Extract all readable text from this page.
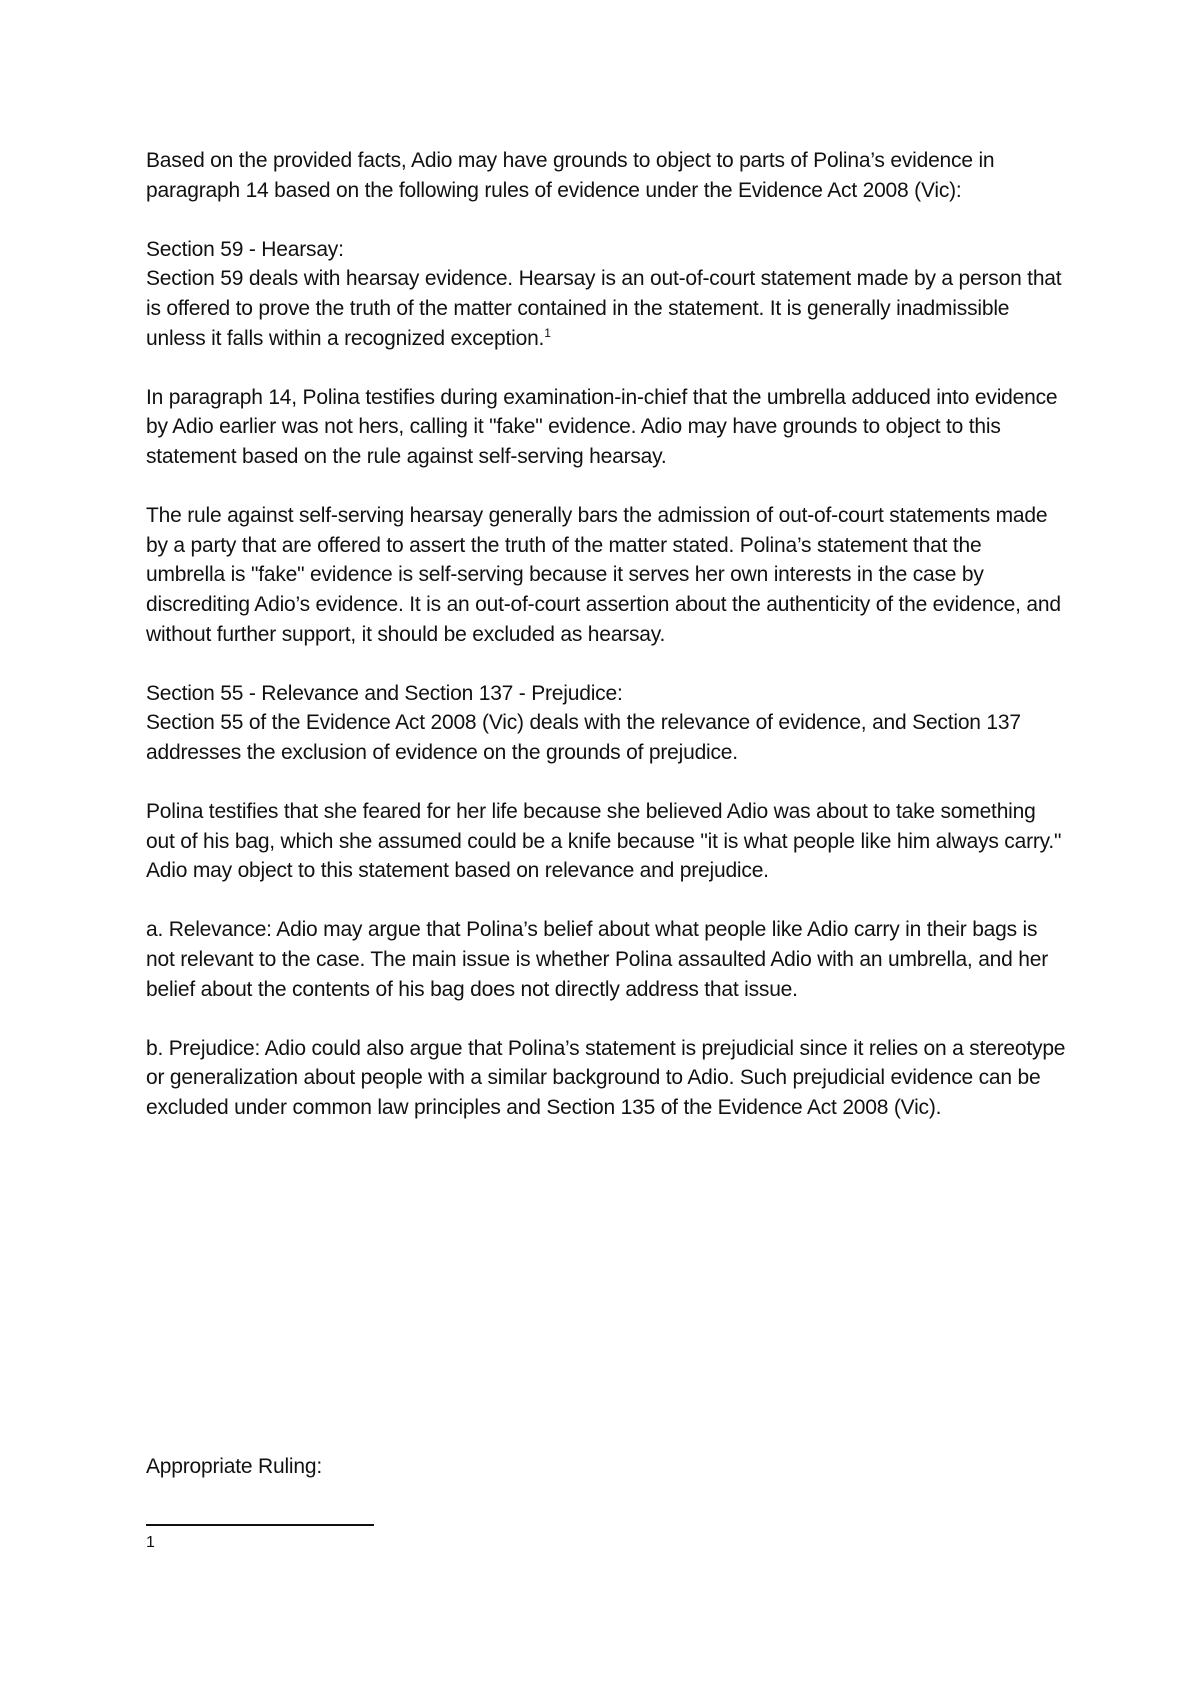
Based on the provided facts, Adio may have grounds to object to parts of Polina’s evidence in paragraph 14 based on the following rules of evidence under the Evidence Act 2008 (Vic):

Section 59 - Hearsay:

Section 59 deals with hearsay evidence. Hearsay is an out-of-court statement made by a person that is offered to prove the truth of the matter contained in the statement. It is generally inadmissible unless it falls within a recognized exception.$^1$

In paragraph 14, Polina testifies during examination-in-chief that the umbrella adduced into evidence by Adio earlier was not hers, calling it "fake" evidence. Adio may have grounds to object to this statement based on the rule against self-serving hearsay.

The rule against self-serving hearsay generally bars the admission of out-of-court statements made by a party that are offered to assert the truth of the matter stated. Polina’s statement that the umbrella is "fake" evidence is self-serving because it serves her own interests in the case by discrediting Adio’s evidence. It is an out-of-court assertion about the authenticity of the evidence, and without further support, it should be excluded as hearsay.

Section 55 - Relevance and Section 137 - Prejudice:

Section 55 of the Evidence Act 2008 (Vic) deals with the relevance of evidence, and Section 137 addresses the exclusion of evidence on the grounds of prejudice.

Polina testifies that she feared for her life because she believed Adio was about to take something out of his bag, which she assumed could be a knife because "it is what people like him always carry." Adio may object to this statement based on relevance and prejudice.

a. Relevance: Adio may argue that Polina’s belief about what people like Adio carry in their bags is not relevant to the case. The main issue is whether Polina assaulted Adio with an umbrella, and her belief about the contents of his bag does not directly address that issue.

b. Prejudice: Adio could also argue that Polina’s statement is prejudicial since it relies on a stereotype or generalization about people with a similar background to Adio. Such prejudicial evidence can be excluded under common law principles and Section 135 of the Evidence Act 2008 (Vic).

Appropriate Ruling:
1
